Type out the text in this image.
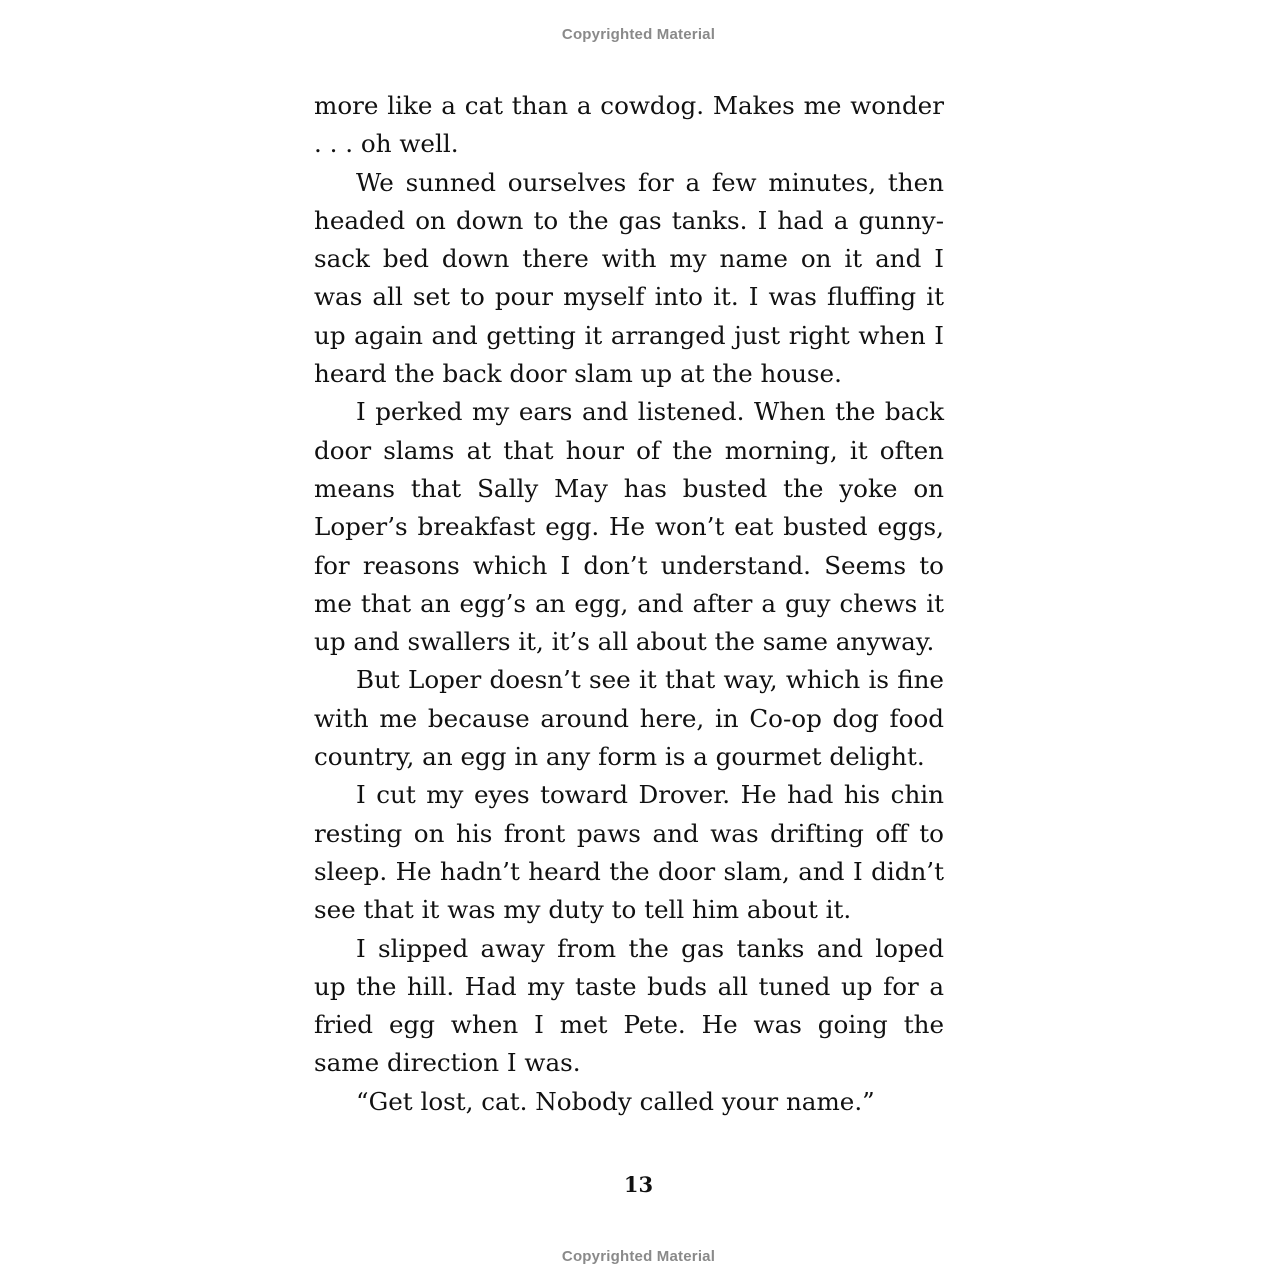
Copyrighted Material

more like a cat than a cowdog. Makes me wonder . . . oh well.

We sunned ourselves for a few minutes, then headed on down to the gas tanks. I had a gunnysack bed down there with my name on it and I was all set to pour myself into it. I was fluffing it up again and getting it arranged just right when I heard the back door slam up at the house.

I perked my ears and listened. When the back door slams at that hour of the morning, it often means that Sally May has busted the yoke on Loper’s breakfast egg. He won’t eat busted eggs, for reasons which I don’t understand. Seems to me that an egg’s an egg, and after a guy chews it up and swallers it, it’s all about the same anyway.

But Loper doesn’t see it that way, which is fine with me because around here, in Co-op dog food country, an egg in any form is a gourmet delight.

I cut my eyes toward Drover. He had his chin resting on his front paws and was drifting off to sleep. He hadn’t heard the door slam, and I didn’t see that it was my duty to tell him about it.

I slipped away from the gas tanks and loped up the hill. Had my taste buds all tuned up for a fried egg when I met Pete. He was going the same direction I was.

“Get lost, cat. Nobody called your name.”

13
Copyrighted Material
